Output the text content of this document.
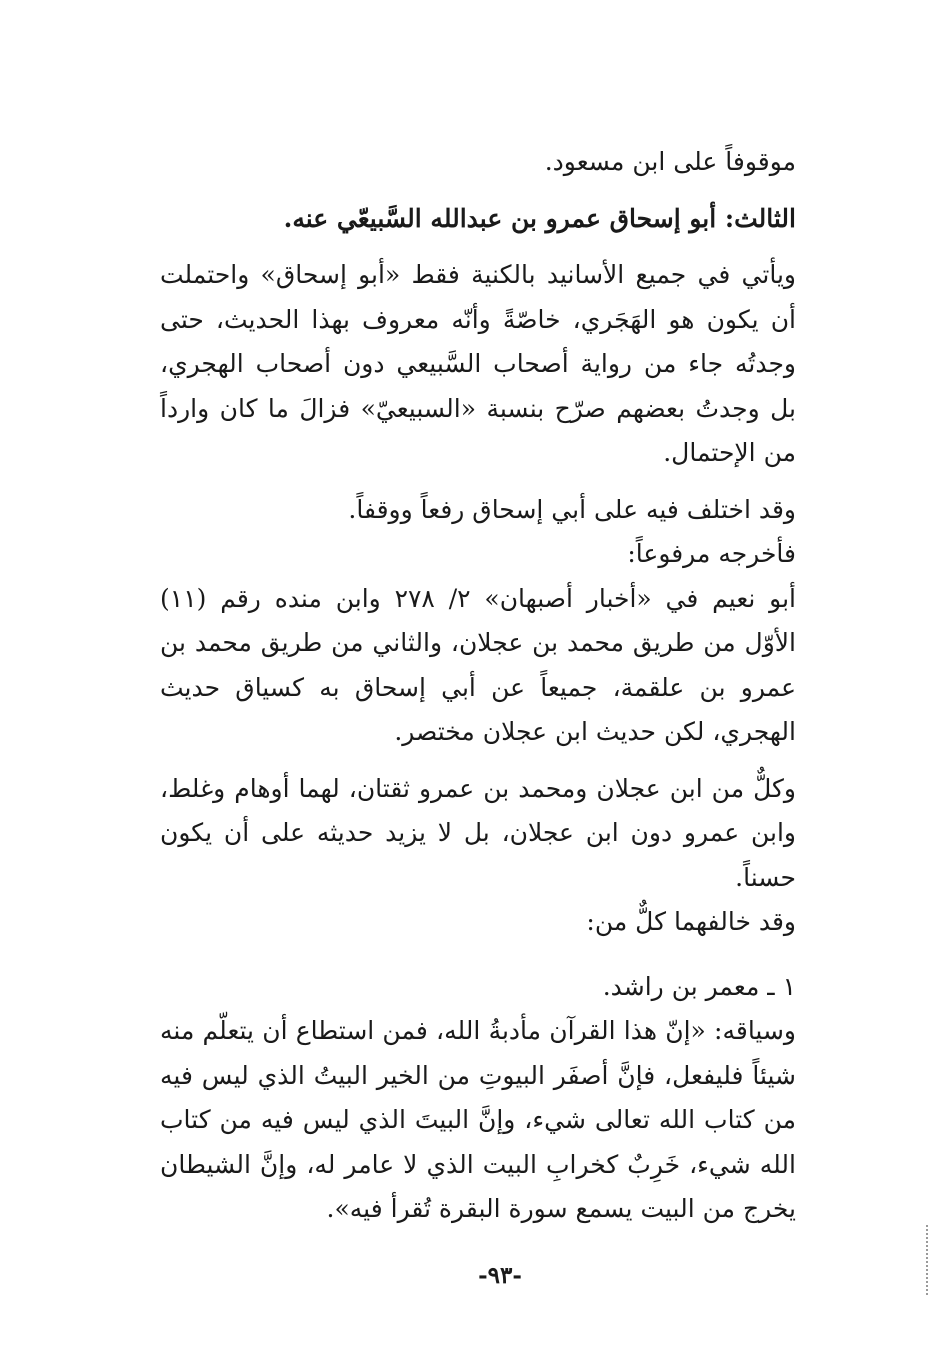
موقوفاً على ابن مسعود.

الثالث: أبو إسحاق عمرو بن عبدالله السَّبيعّي عنه.

ويأتي في جميع الأسانيد بالكنية فقط «أبو إسحاق» واحتملت أن يكون هو الهَجَري، خاصّةً وأنّه معروف بهذا الحديث، حتى وجدتُه جاء من رواية أصحاب السَّبيعي دون أصحاب الهجري، بل وجدتُ بعضهم صرّح بنسبة «السبيعيّ» فزالَ ما كان وارداً من الإحتمال.

وقد اختلف فيه على أبي إسحاق رفعاً ووقفاً.

فأخرجه مرفوعاً:

أبو نعيم في «أخبار أصبهان» ٢/ ٢٧٨ وابن منده رقم (١١) الأوّل من طريق محمد بن عجلان، والثاني من طريق محمد بن عمرو بن علقمة، جميعاً عن أبي إسحاق به كسياق حديث الهجري، لكن حديث ابن عجلان مختصر.

وكلٌّ من ابن عجلان ومحمد بن عمرو ثقتان، لهما أوهام وغلط، وابن عمرو دون ابن عجلان، بل لا يزيد حديثه على أن يكون حسناً.

وقد خالفهما كلٌّ من:

١ ـ معمر بن راشد.

وسياقه: «إنّ هذا القرآن مأدبةُ الله، فمن استطاع أن يتعلّم منه شيئاً فليفعل، فإنَّ أصفَر البيوتِ من الخير البيتُ الذي ليس فيه من كتاب الله تعالى شيء، وإنَّ البيتَ الذي ليس فيه من كتاب الله شيء، خَرِبٌ كخرابِ البيت الذي لا عامر له، وإنَّ الشيطان يخرج من البيت يسمع سورة البقرة تُقرأ فيه».

-٩٣-
